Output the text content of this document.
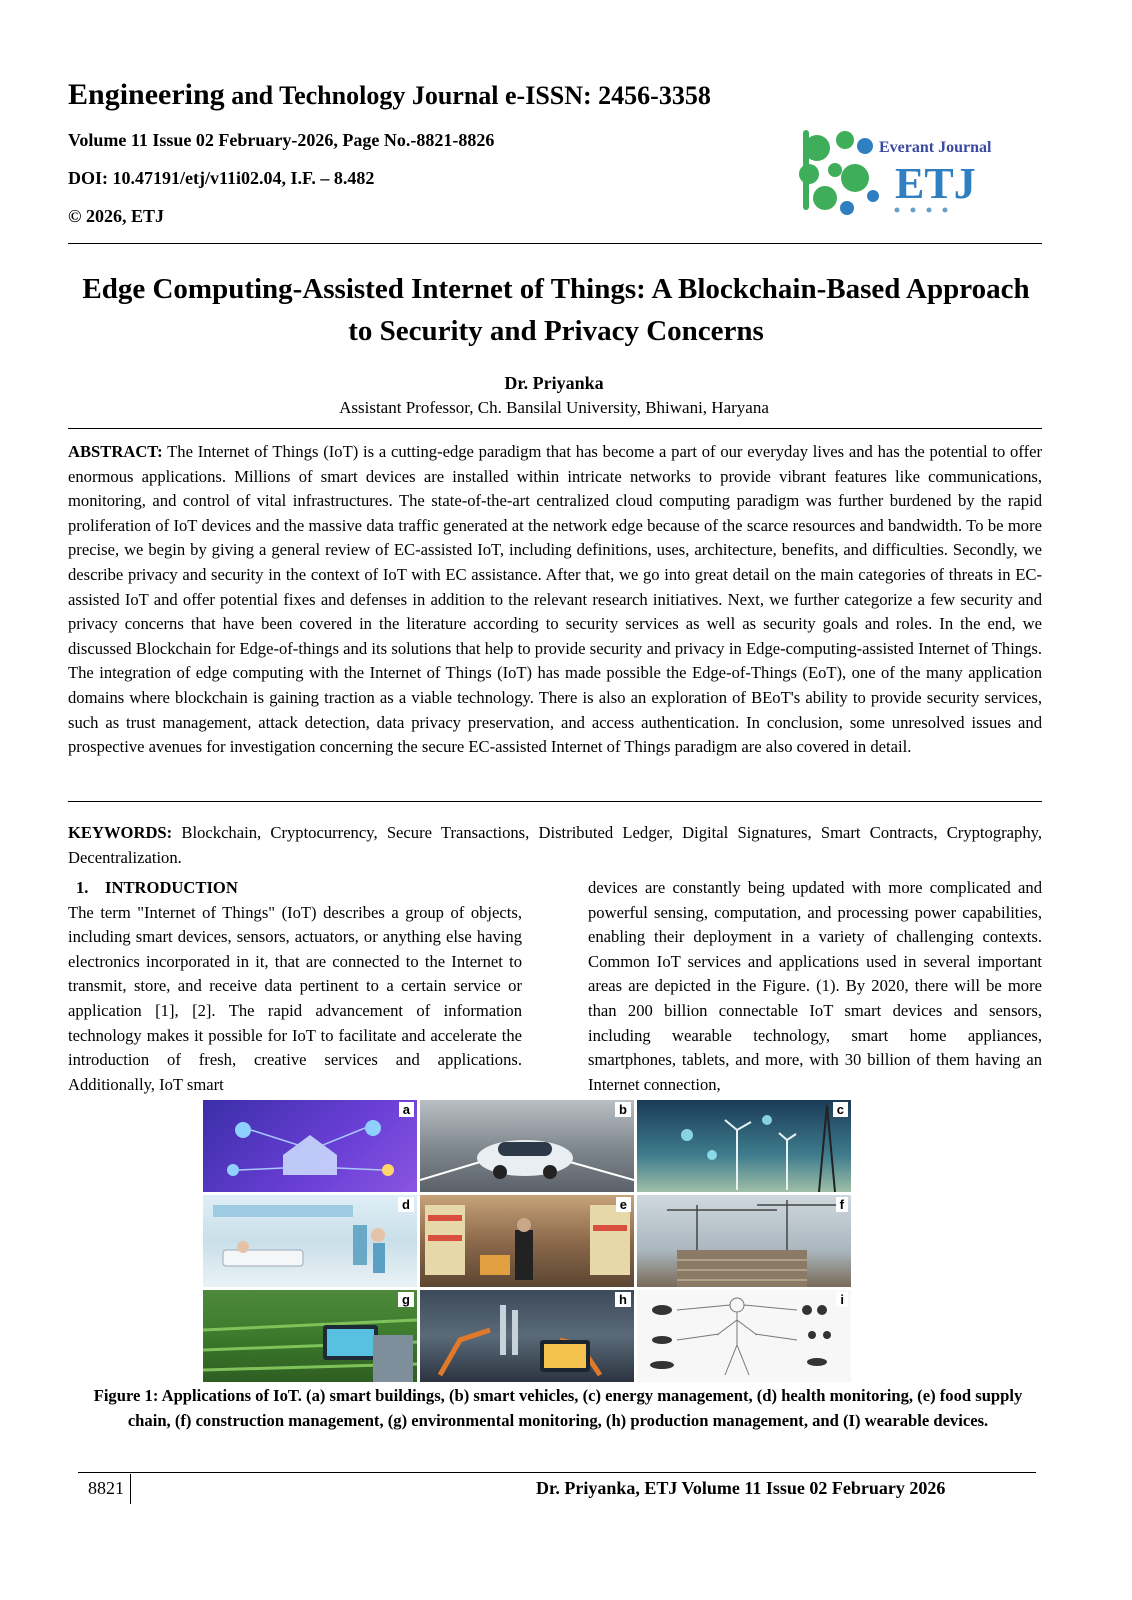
Engineering and Technology Journal e-ISSN: 2456-3358
Volume 11 Issue 02 February-2026, Page No.-8821-8826
DOI: 10.47191/etj/v11i02.04, I.F. – 8.482
© 2026, ETJ
Everant Journal
ETJ
Edge Computing-Assisted Internet of Things: A Blockchain-Based Approach
to Security and Privacy Concerns
Dr. Priyanka
Assistant Professor, Ch. Bansilal University, Bhiwani, Haryana
ABSTRACT: The Internet of Things (IoT) is a cutting-edge paradigm that has become a part of our everyday lives and has the potential to offer enormous applications. Millions of smart devices are installed within intricate networks to provide vibrant features like communications, monitoring, and control of vital infrastructures. The state-of-the-art centralized cloud computing paradigm was further burdened by the rapid proliferation of IoT devices and the massive data traffic generated at the network edge because of the scarce resources and bandwidth. To be more precise, we begin by giving a general review of EC-assisted IoT, including definitions, uses, architecture, benefits, and difficulties. Secondly, we describe privacy and security in the context of IoT with EC assistance. After that, we go into great detail on the main categories of threats in EC-assisted IoT and offer potential fixes and defenses in addition to the relevant research initiatives. Next, we further categorize a few security and privacy concerns that have been covered in the literature according to security services as well as security goals and roles. In the end, we discussed Blockchain for Edge-of-things and its solutions that help to provide security and privacy in Edge-computing-assisted Internet of Things. The integration of edge computing with the Internet of Things (IoT) has made possible the Edge-of-Things (EoT), one of the many application domains where blockchain is gaining traction as a viable technology. There is also an exploration of BEoT's ability to provide security services, such as trust management, attack detection, data privacy preservation, and access authentication. In conclusion, some unresolved issues and prospective avenues for investigation concerning the secure EC-assisted Internet of Things paradigm are also covered in detail.
KEYWORDS: Blockchain, Cryptocurrency, Secure Transactions, Distributed Ledger, Digital Signatures, Smart Contracts, Cryptography, Decentralization.
1. INTRODUCTION
The term "Internet of Things" (IoT) describes a group of objects, including smart devices, sensors, actuators, or anything else having electronics incorporated in it, that are connected to the Internet to transmit, store, and receive data pertinent to a certain service or application [1], [2]. The rapid advancement of information technology makes it possible for IoT to facilitate and accelerate the introduction of fresh, creative services and applications. Additionally, IoT smart
devices are constantly being updated with more complicated and powerful sensing, computation, and processing power capabilities, enabling their deployment in a variety of challenging contexts. Common IoT services and applications used in several important areas are depicted in the Figure. (1). By 2020, there will be more than 200 billion connectable IoT smart devices and sensors, including wearable technology, smart home appliances, smartphones, tablets, and more, with 30 billion of them having an Internet connection,
a	b	c
d	e	f
g	h	i
Figure 1: Applications of IoT. (a) smart buildings, (b) smart vehicles, (c) energy management, (d) health monitoring, (e) food supply chain, (f) construction management, (g) environmental monitoring, (h) production management, and (I) wearable devices.
8821	Dr. Priyanka, ETJ Volume 11 Issue 02 February 2026
